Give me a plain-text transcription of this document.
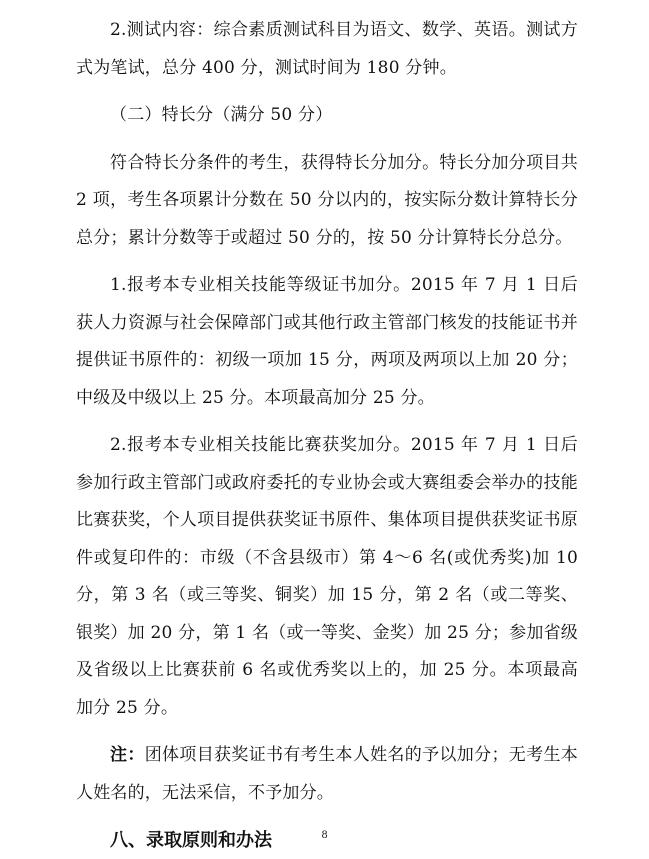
2.测试内容：综合素质测试科目为语文、数学、英语。测试方式为笔试，总分 400 分，测试时间为 180 分钟。

（二）特长分（满分 50 分）

符合特长分条件的考生，获得特长分加分。特长分加分项目共 2 项，考生各项累计分数在 50 分以内的，按实际分数计算特长分总分；累计分数等于或超过 50 分的，按 50 分计算特长分总分。

1.报考本专业相关技能等级证书加分。2015 年 7 月 1 日后获人力资源与社会保障部门或其他行政主管部门核发的技能证书并提供证书原件的：初级一项加 15 分，两项及两项以上加 20 分；中级及中级以上 25 分。本项最高加分 25 分。

2.报考本专业相关技能比赛获奖加分。2015 年 7 月 1 日后参加行政主管部门或政府委托的专业协会或大赛组委会举办的技能比赛获奖，个人项目提供获奖证书原件、集体项目提供获奖证书原件或复印件的：市级（不含县级市）第 4～6 名(或优秀奖)加 10 分，第 3 名（或三等奖、铜奖）加 15 分，第 2 名（或二等奖、银奖）加 20 分，第 1 名（或一等奖、金奖）加 25 分；参加省级及省级以上比赛获前 6 名或优秀奖以上的，加 25 分。本项最高加分 25 分。

注：团体项目获奖证书有考生本人姓名的予以加分；无考生本人姓名的，无法采信，不予加分。

八、录取原则和办法	8
